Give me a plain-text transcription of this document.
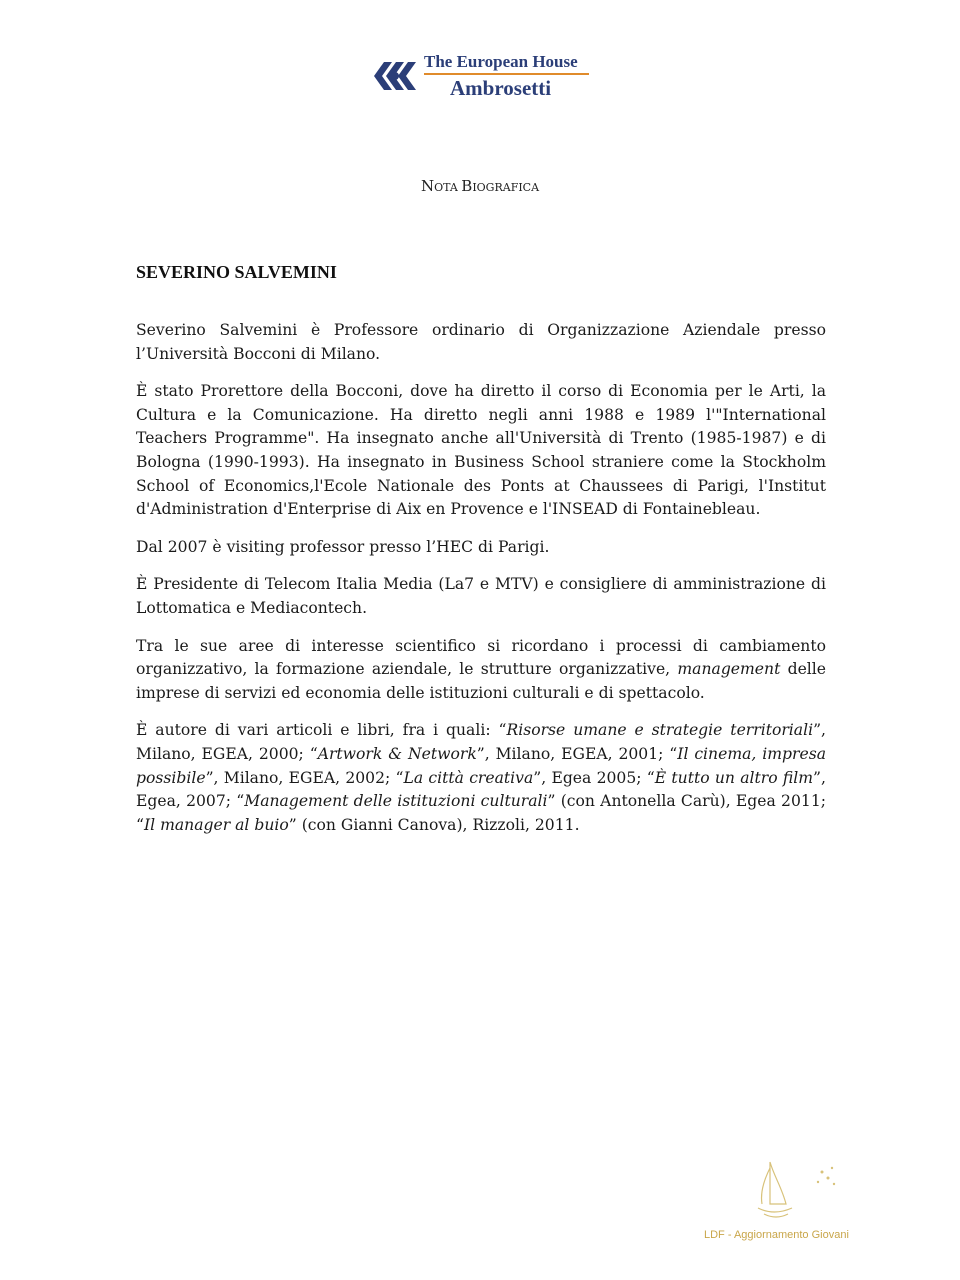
The European House
Ambrosetti
NOTA BIOGRAFICA
SEVERINO SALVEMINI

Severino Salvemini è Professore ordinario di Organizzazione Aziendale presso l’Università Bocconi di Milano.

È stato Prorettore della Bocconi, dove ha diretto il corso di Economia per le Arti, la Cultura e la Comunicazione. Ha diretto negli anni 1988 e 1989 l'"International Teachers Programme". Ha insegnato anche all'Università di Trento (1985-1987) e di Bologna (1990-1993). Ha insegnato in Business School straniere come la Stockholm School of Economics,l'Ecole Nationale des Ponts at Chaussees di Parigi, l'Institut d'Administration d'Enterprise di Aix en Provence e l'INSEAD di Fontainebleau.

Dal 2007 è visiting professor presso l’HEC di Parigi.

È Presidente di Telecom Italia Media (La7 e MTV) e consigliere di amministrazione di Lottomatica e Mediacontech.

Tra le sue aree di interesse scientifico si ricordano i processi di cambiamento organizzativo, la formazione aziendale, le strutture organizzative, management delle imprese di servizi ed economia delle istituzioni culturali e di spettacolo.

È autore di vari articoli e libri, fra i quali: “Risorse umane e strategie territoriali”, Milano, EGEA, 2000; “Artwork & Network”, Milano, EGEA, 2001; “Il cinema, impresa possibile”, Milano, EGEA, 2002; “La città creativa”, Egea 2005; “È tutto un altro film”, Egea, 2007; “Management delle istituzioni culturali” (con Antonella Carù), Egea 2011; “Il manager al buio” (con Gianni Canova), Rizzoli, 2011.

LDF - Aggiornamento Giovani
